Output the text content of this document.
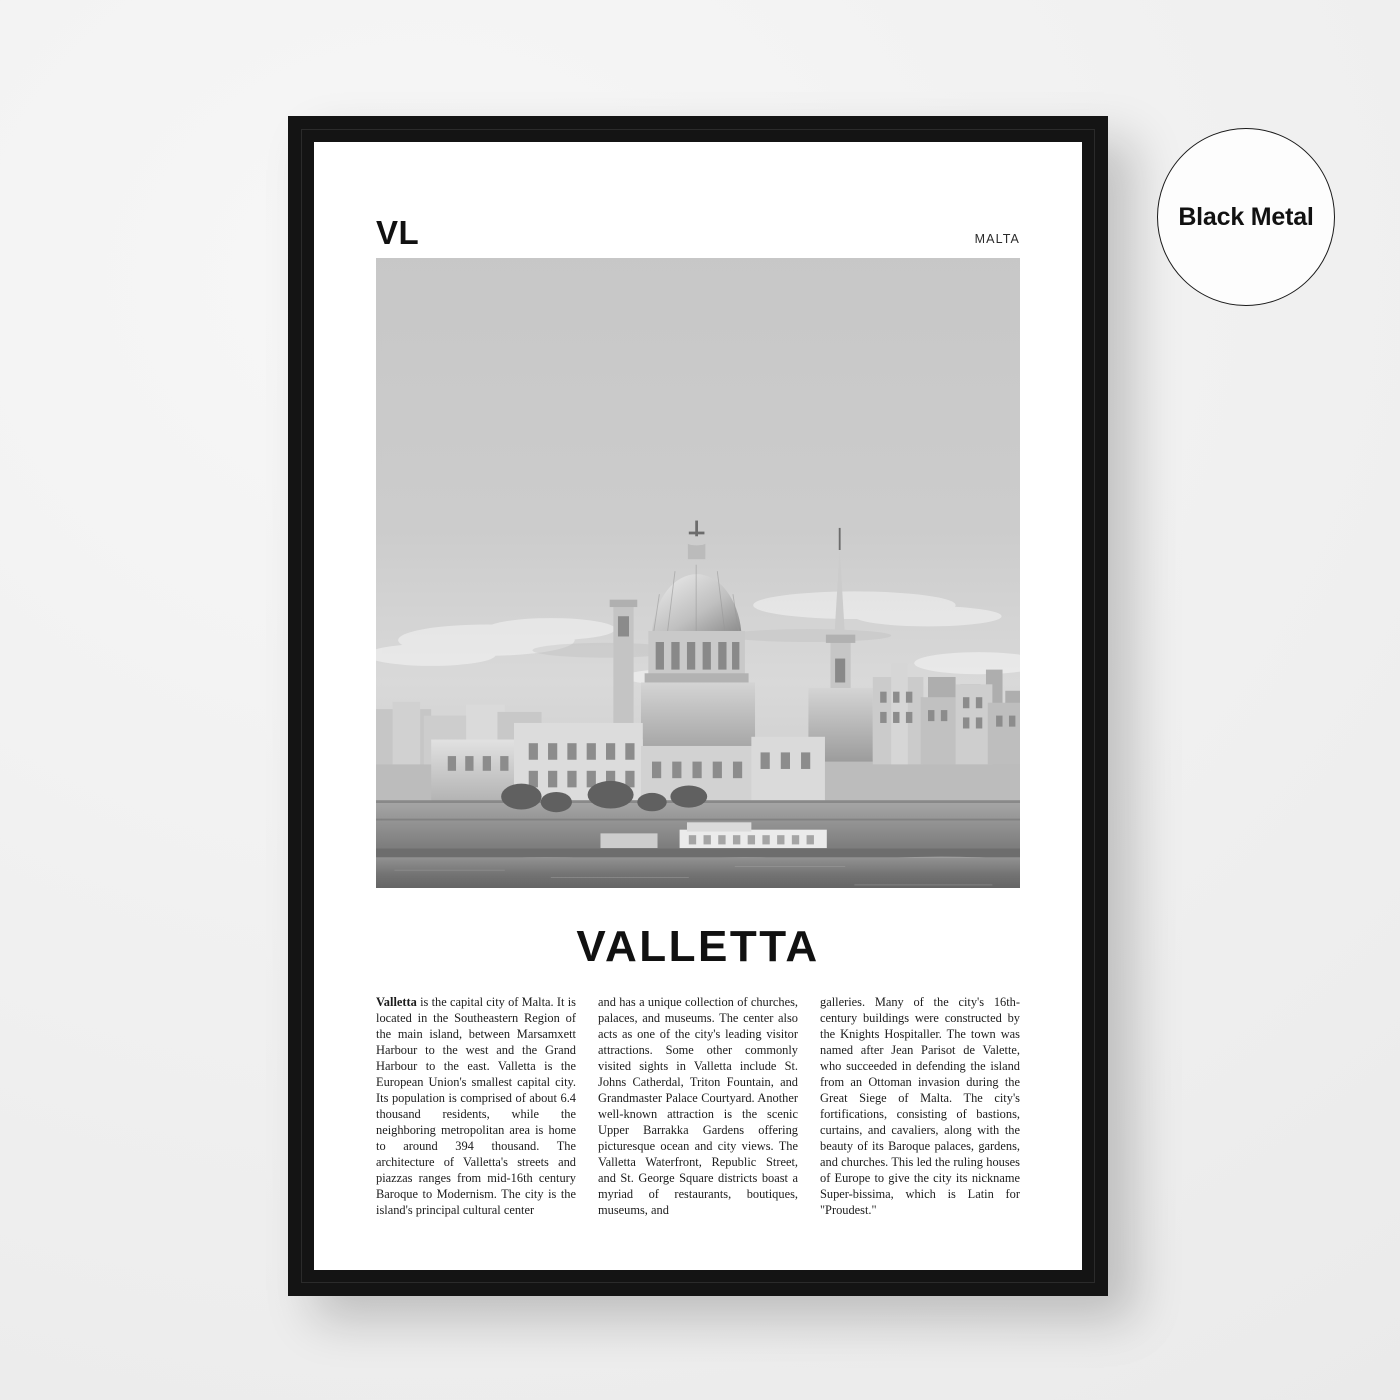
VL	MALTA
VALLETTA

Valletta is the capital city of Malta. It is located in the Southeastern Region of the main island, between Marsamxett Harbour to the west and the Grand Harbour to the east. Valletta is the European Union's smallest capital city. Its population is comprised of about 6.4 thousand residents, while the neighboring metropolitan area is home to around 394 thousand. The architecture of Valletta's streets and piazzas ranges from mid-16th century Baroque to Modernism. The city is the island's principal cultural center

and has a unique collection of churches, palaces, and museums. The center also acts as one of the city's leading visitor attractions. Some other commonly visited sights in Valletta include St. Johns Catherdal, Triton Fountain, and Grandmaster Palace Courtyard. Another well-known attraction is the scenic Upper Barrakka Gardens offering picturesque ocean and city views. The Valletta Waterfront, Republic Street, and St. George Square districts boast a myriad of restaurants, boutiques, museums, and

galleries. Many of the city's 16th-century buildings were constructed by the Knights Hospitaller. The town was named after Jean Parisot de Valette, who succeeded in defending the island from an Ottoman invasion during the Great Siege of Malta. The city's fortifications, consisting of bastions, curtains, and cavaliers, along with the beauty of its Baroque palaces, gardens, and churches. This led the ruling houses of Europe to give the city its nickname Super-bissima, which is Latin for "Proudest."

Black Metal
